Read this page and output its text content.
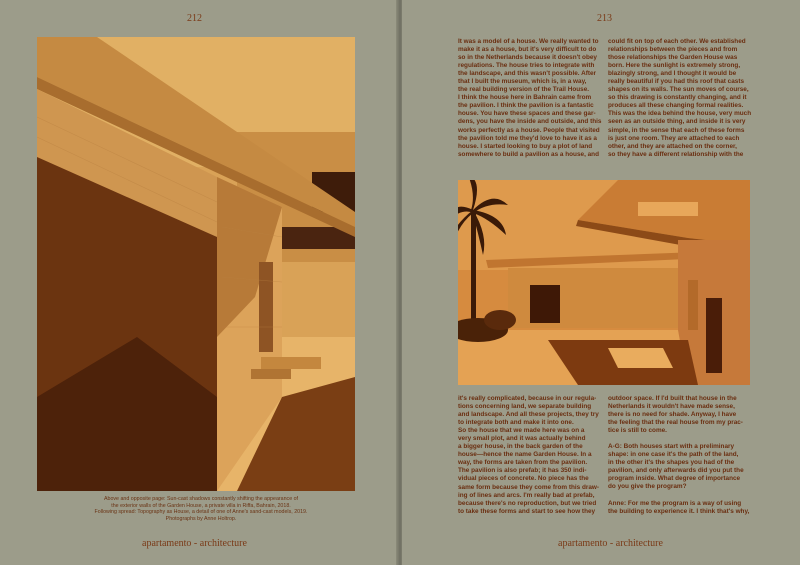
212
Above and opposite page: Sun-cast shadows constantly shifting the appearance of
the exterior walls of the Garden House, a private villa in Riffa, Bahrain, 2018.
Following spread: Topography as House, a detail of one of Anne's sand-cast models, 2019.
Photographs by Anne Holtrop.
apartamento - architecture
213

It was a model of a house. We really wanted to

make it as a house, but it's very difficult to do

so in the Netherlands because it doesn't obey

regulations. The house tries to integrate with

the landscape, and this wasn't possible. After

that I built the museum, which is, in a way,

the real building version of the Trail House.

I think the house here in Bahrain came from

the pavilion. I think the pavilion is a fantastic

house. You have these spaces and these gar-

dens, you have the inside and outside, and this

works perfectly as a house. People that visited

the pavilion told me they'd love to have it as a

house. I started looking to buy a plot of land

somewhere to build a pavilion as a house, and

could fit on top of each other. We established

relationships between the pieces and from

those relationships the Garden House was

born. Here the sunlight is extremely strong,

blazingly strong, and I thought it would be

really beautiful if you had this roof that casts

shapes on its walls. The sun moves of course,

so this drawing is constantly changing, and it

produces all these changing formal realities.

This was the idea behind the house, very much

seen as an outside thing, and inside it is very

simple, in the sense that each of these forms

is just one room. They are attached to each

other, and they are attached on the corner,

so they have a different relationship with the

it's really complicated, because in our regula-

tions concerning land, we separate building

and landscape. And all these projects, they try

to integrate both and make it into one.

So the house that we made here was on a

very small plot, and it was actually behind

a bigger house, in the back garden of the

house—hence the name Garden House. In a

way, the forms are taken from the pavilion.

The pavilion is also prefab; it has 350 indi-

vidual pieces of concrete. No piece has the

same form because they come from this draw-

ing of lines and arcs. I'm really bad at prefab,

because there's no reproduction, but we tried

to take these forms and start to see how they

outdoor space. If I'd built that house in the

Netherlands it wouldn't have made sense,

there is no need for shade. Anyway, I have

the feeling that the real house from my prac-

tice is still to come.

A-G: Both houses start with a preliminary

shape: in one case it's the path of the land,

in the other it's the shapes you had of the

pavilion, and only afterwards did you put the

program inside. What degree of importance

do you give the program?

Anne: For me the program is a way of using

the building to experience it. I think that's why,

apartamento - architecture
